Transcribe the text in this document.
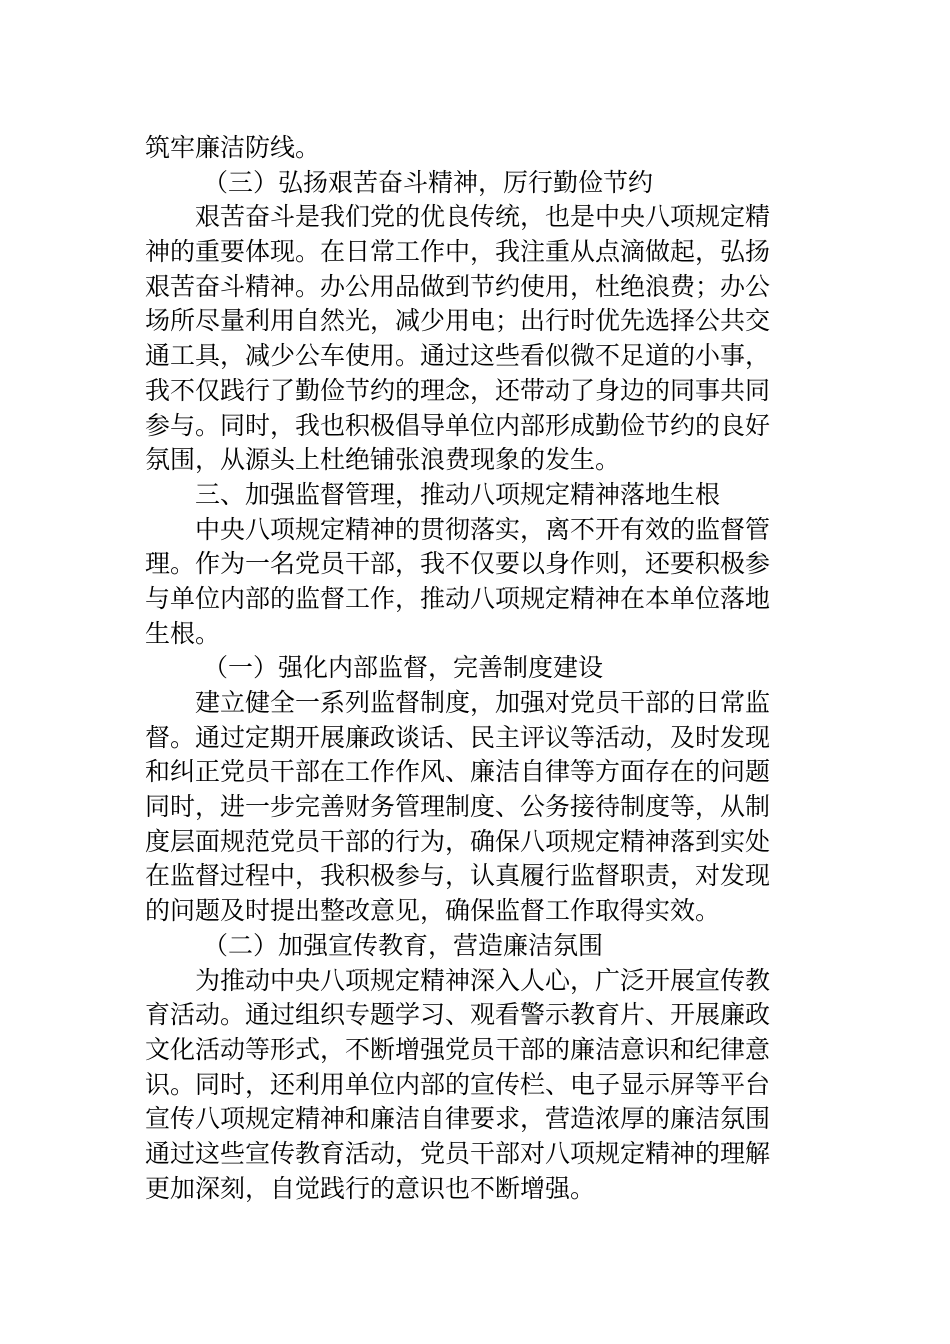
筑牢廉洁防线。
（三）弘扬艰苦奋斗精神，厉行勤俭节约
艰苦奋斗是我们党的优良传统，也是中央八项规定精
神的重要体现。在日常工作中，我注重从点滴做起，弘扬
艰苦奋斗精神。办公用品做到节约使用，杜绝浪费；办公
场所尽量利用自然光，减少用电；出行时优先选择公共交
通工具，减少公车使用。通过这些看似微不足道的小事，
我不仅践行了勤俭节约的理念，还带动了身边的同事共同
参与。同时，我也积极倡导单位内部形成勤俭节约的良好
氛围，从源头上杜绝铺张浪费现象的发生。
三、加强监督管理，推动八项规定精神落地生根
中央八项规定精神的贯彻落实，离不开有效的监督管
理。作为一名党员干部，我不仅要以身作则，还要积极参
与单位内部的监督工作，推动八项规定精神在本单位落地
生根。
（一）强化内部监督，完善制度建设
建立健全一系列监督制度，加强对党员干部的日常监
督。通过定期开展廉政谈话、民主评议等活动，及时发现
和纠正党员干部在工作作风、廉洁自律等方面存在的问题
同时，进一步完善财务管理制度、公务接待制度等，从制
度层面规范党员干部的行为，确保八项规定精神落到实处
在监督过程中，我积极参与，认真履行监督职责，对发现
的问题及时提出整改意见，确保监督工作取得实效。
（二）加强宣传教育，营造廉洁氛围
为推动中央八项规定精神深入人心，广泛开展宣传教
育活动。通过组织专题学习、观看警示教育片、开展廉政
文化活动等形式，不断增强党员干部的廉洁意识和纪律意
识。同时，还利用单位内部的宣传栏、电子显示屏等平台
宣传八项规定精神和廉洁自律要求，营造浓厚的廉洁氛围
通过这些宣传教育活动，党员干部对八项规定精神的理解
更加深刻，自觉践行的意识也不断增强。
